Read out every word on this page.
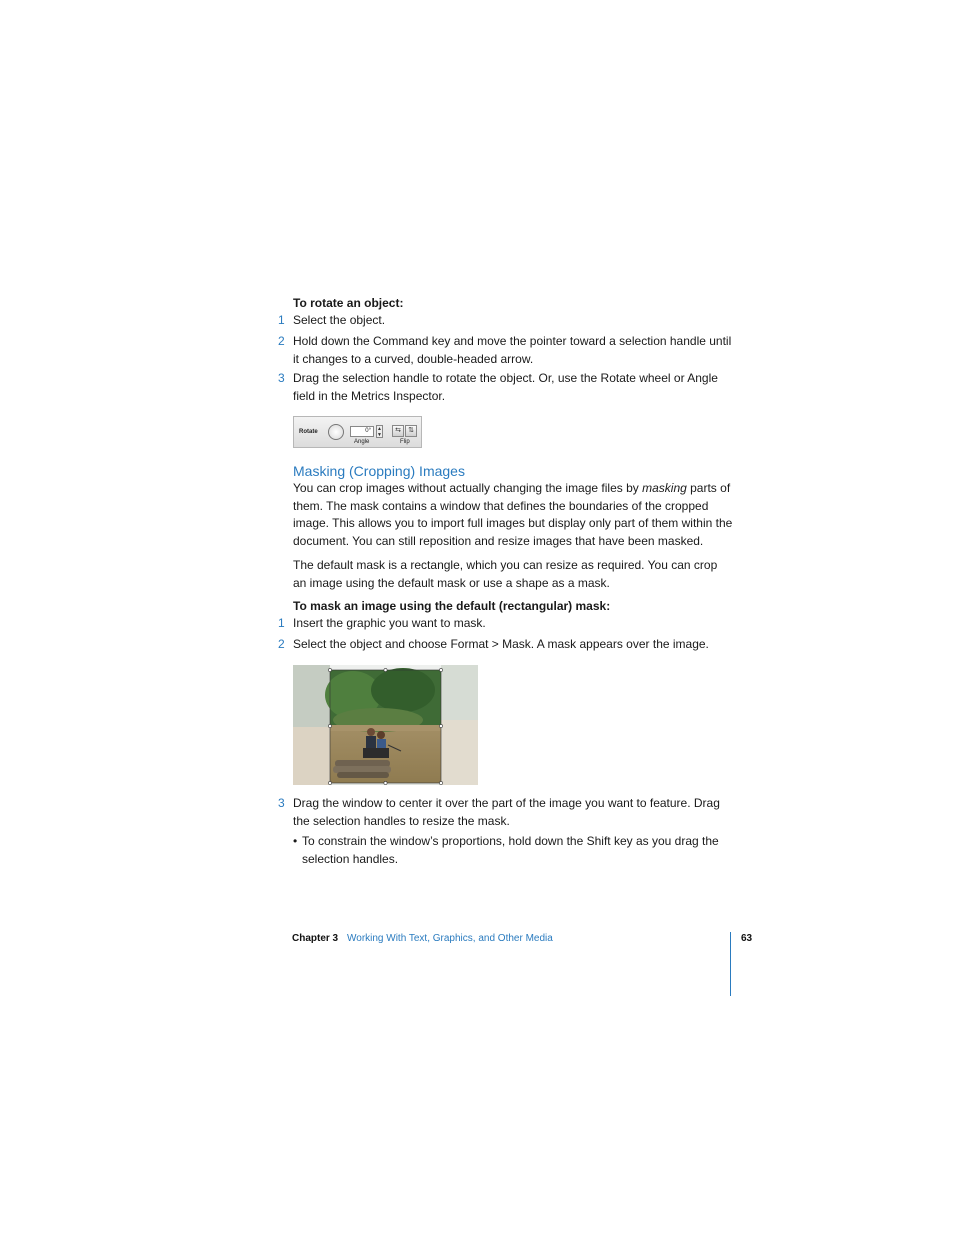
To rotate an object:
1 Select the object.
2 Hold down the Command key and move the pointer toward a selection handle until it changes to a curved, double-headed arrow.
3 Drag the selection handle to rotate the object. Or, use the Rotate wheel or Angle field in the Metrics Inspector.
Rotate	0°	▲
▼
Angle
⇆	⇅
Flip
Masking (Cropping) Images
You can crop images without actually changing the image files by masking parts of them. The mask contains a window that defines the boundaries of the cropped image. This allows you to import full images but display only part of them within the document. You can still reposition and resize images that have been masked.
The default mask is a rectangle, which you can resize as required. You can crop an image using the default mask or use a shape as a mask.
To mask an image using the default (rectangular) mask:
1 Insert the graphic you want to mask.
2 Select the object and choose Format > Mask. A mask appears over the image.
3 Drag the window to center it over the part of the image you want to feature. Drag the selection handles to resize the mask.
• To constrain the window’s proportions, hold down the Shift key as you drag the selection handles.
Chapter 3 Working With Text, Graphics, and Other Media	63
